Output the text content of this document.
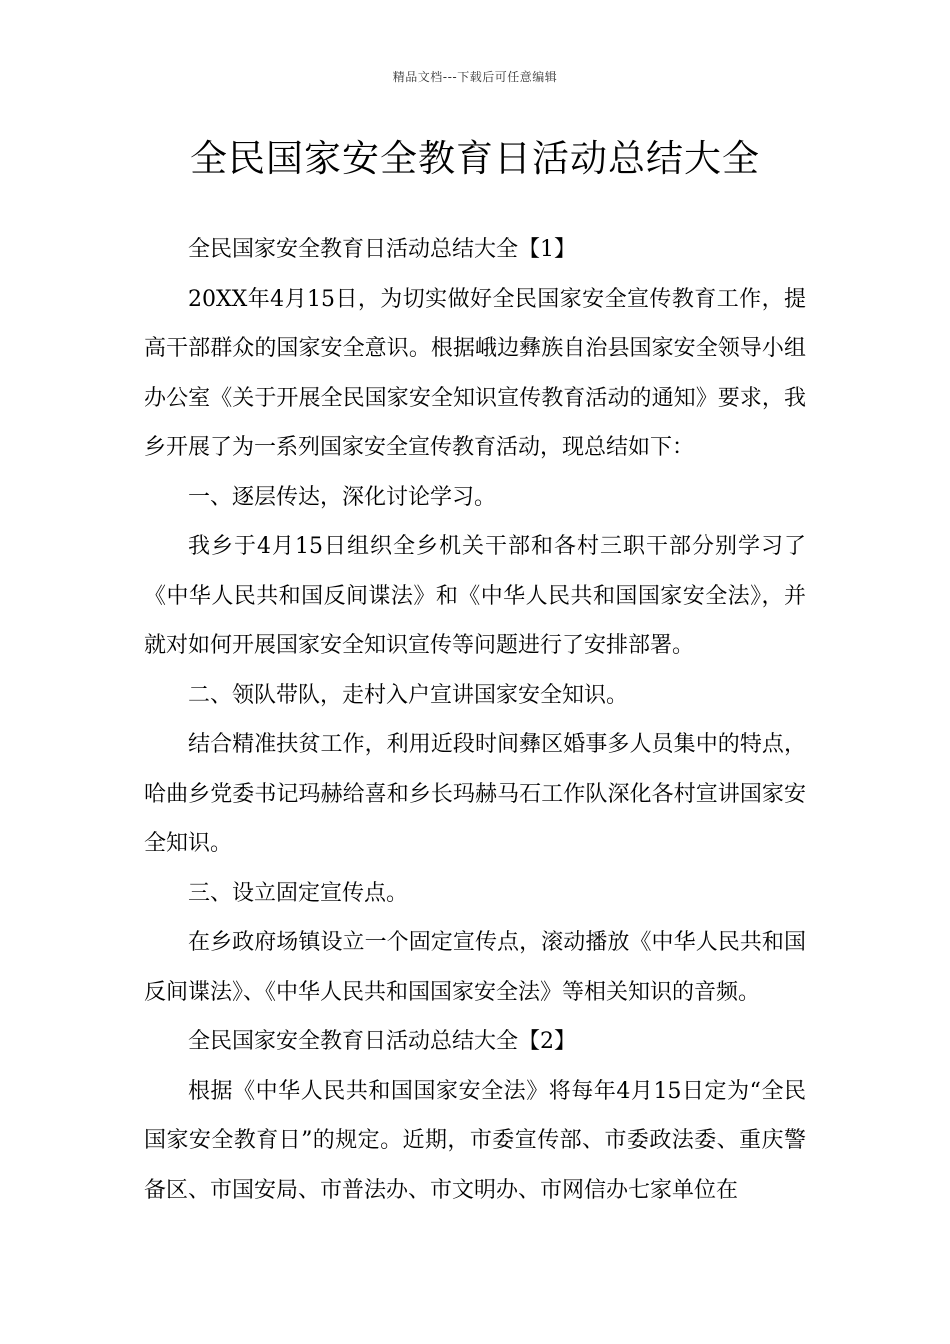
精品文档---下载后可任意编辑
全民国家安全教育日活动总结大全

全民国家安全教育日活动总结大全【1】

20XX年4月15日，为切实做好全民国家安全宣传教育工作，提高干部群众的国家安全意识。根据峨边彝族自治县国家安全领导小组办公室《关于开展全民国家安全知识宣传教育活动的通知》要求，我乡开展了为一系列国家安全宣传教育活动，现总结如下：

一、逐层传达，深化讨论学习。

我乡于4月15日组织全乡机关干部和各村三职干部分别学习了《中华人民共和国反间谍法》和《中华人民共和国国家安全法》，并就对如何开展国家安全知识宣传等问题进行了安排部署。

二、领队带队，走村入户宣讲国家安全知识。

结合精准扶贫工作，利用近段时间彝区婚事多人员集中的特点，哈曲乡党委书记玛赫给喜和乡长玛赫马石工作队深化各村宣讲国家安全知识。

三、设立固定宣传点。

在乡政府场镇设立一个固定宣传点，滚动播放《中华人民共和国反间谍法》、《中华人民共和国国家安全法》等相关知识的音频。

全民国家安全教育日活动总结大全【2】

根据《中华人民共和国国家安全法》将每年4月15日定为“全民国家安全教育日”的规定。近期，市委宣传部、市委政法委、重庆警备区、市国安局、市普法办、市文明办、市网信办七家单位在
